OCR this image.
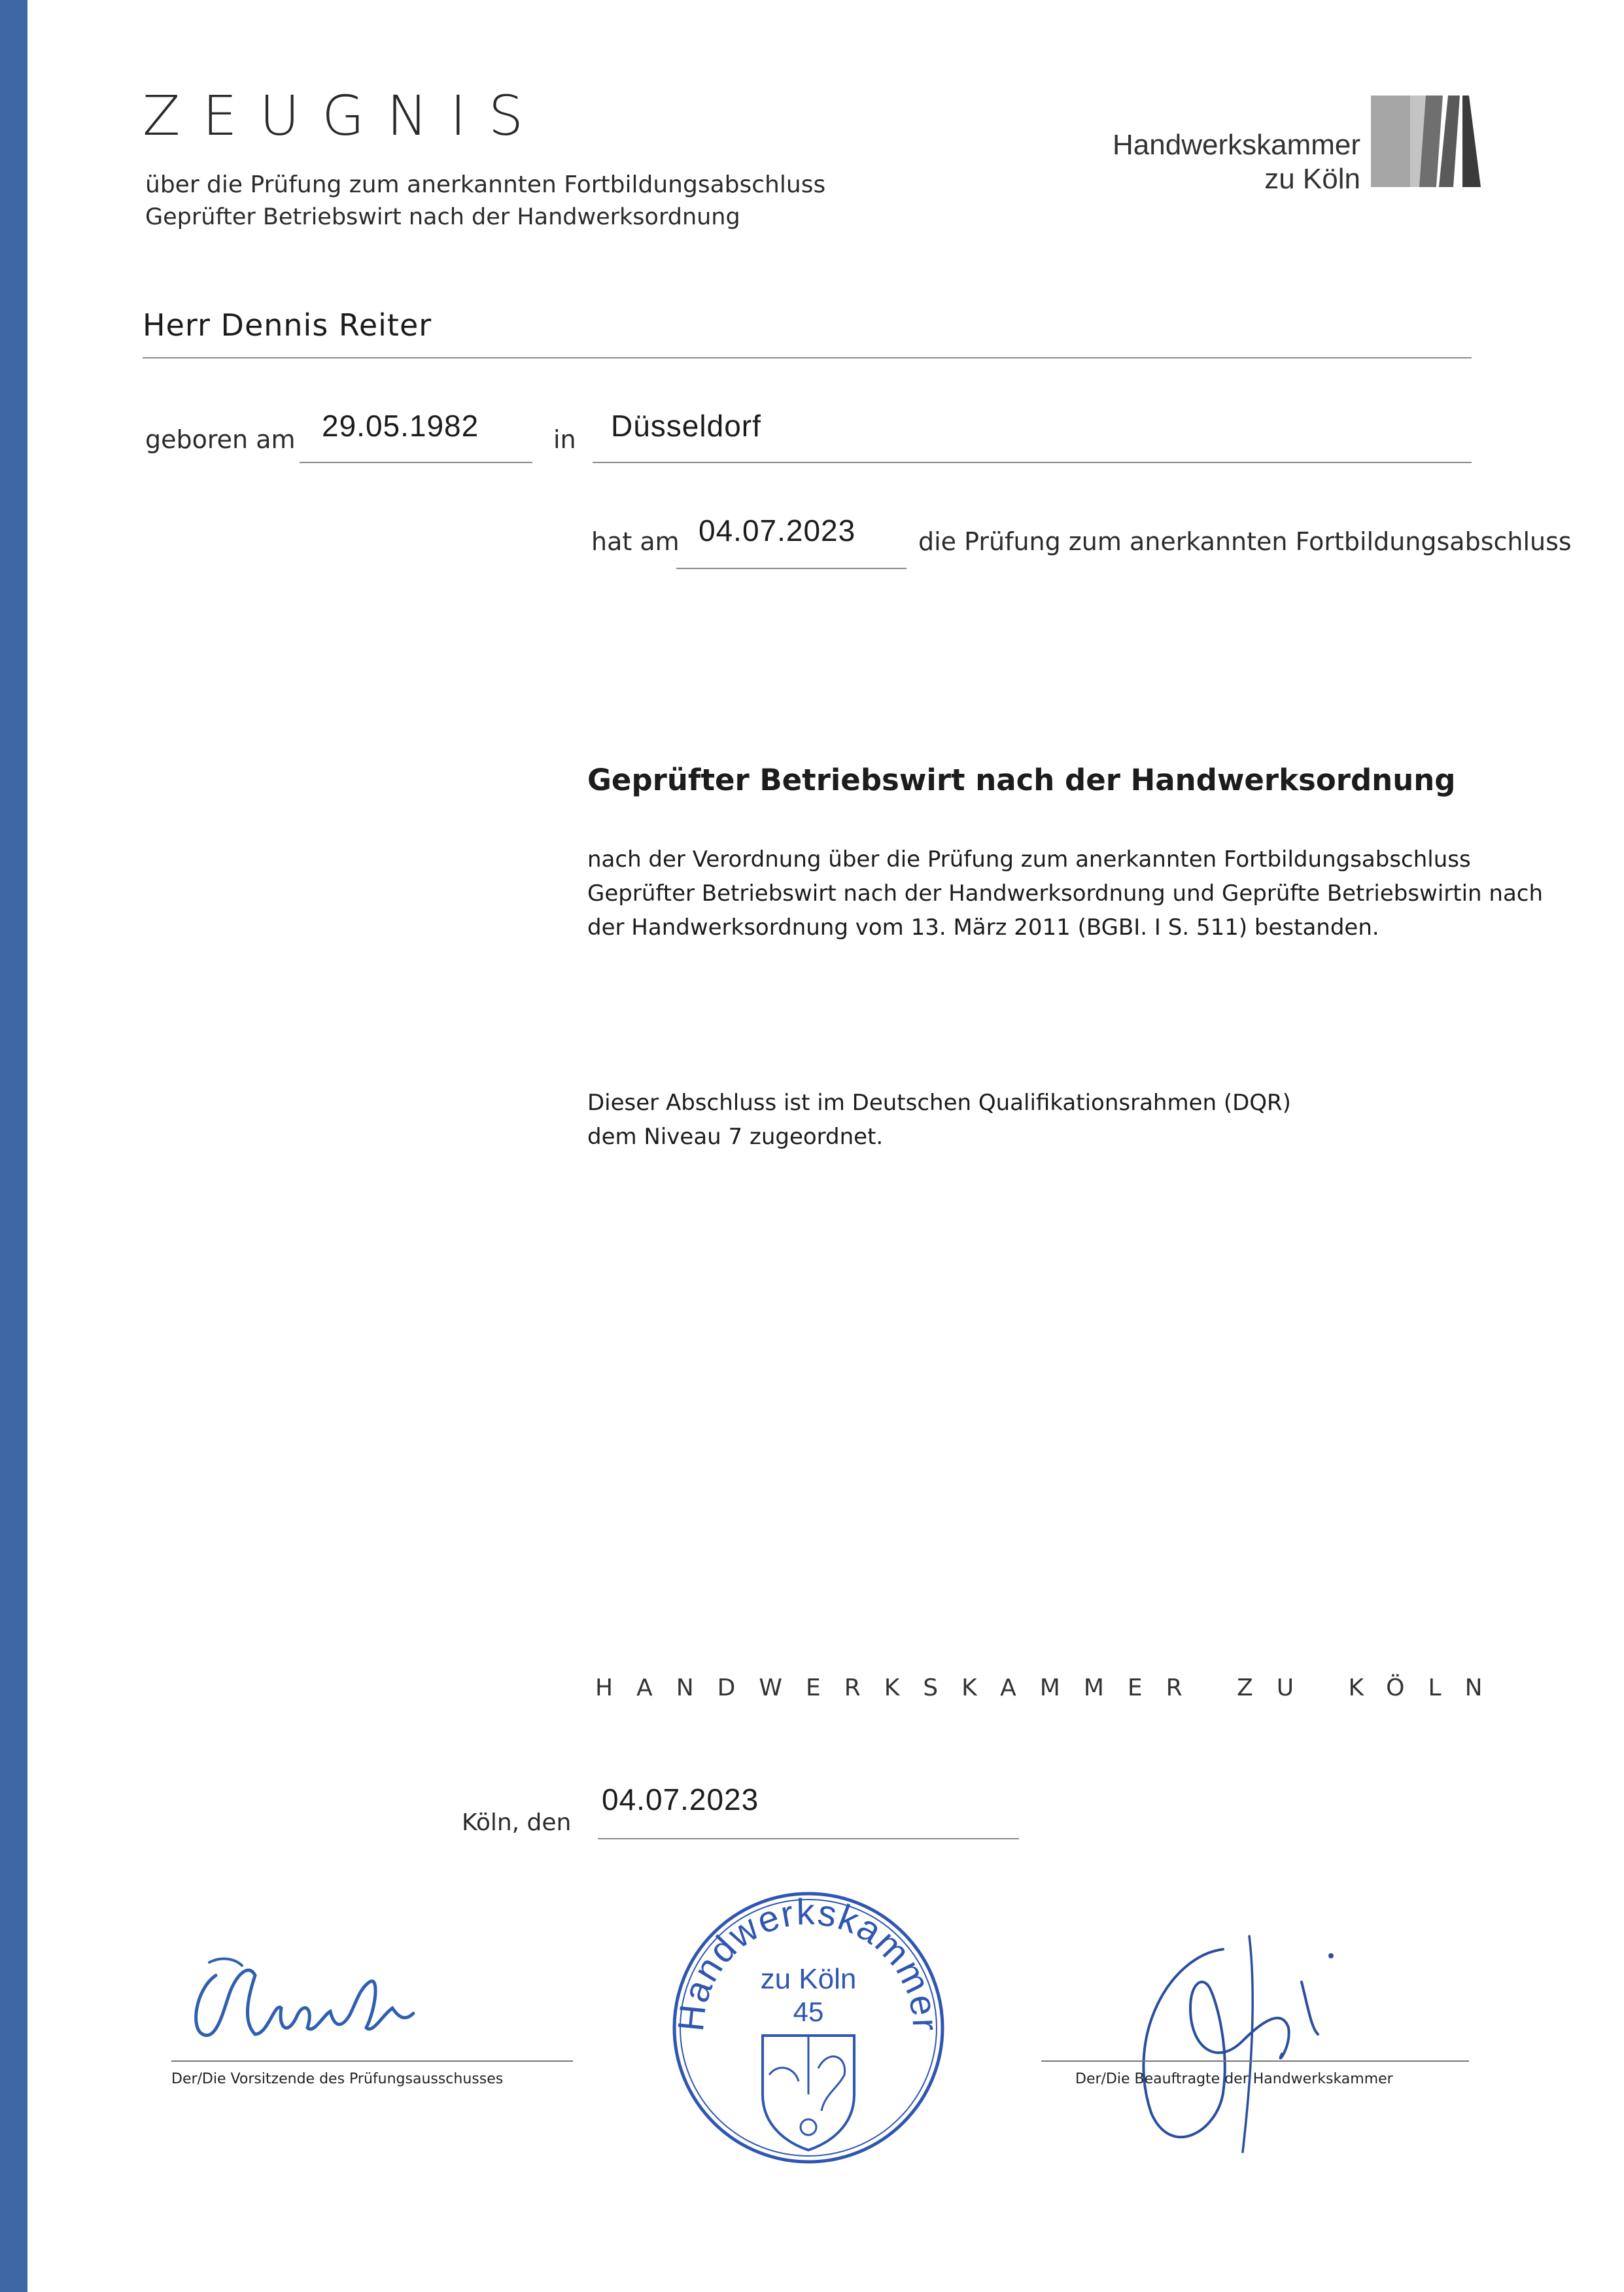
ZEUGNIS
über die Prüfung zum anerkannten Fortbildungsabschluss
Geprüfter Betriebswirt nach der Handwerksordnung
Handwerkskammer
zu Köln
Herr Dennis Reiter
geboren am 29.05.1982	in Düsseldorf
hat am 04.07.2023	die Prüfung zum anerkannten Fortbildungsabschluss
Geprüfter Betriebswirt nach der Handwerksordnung
nach der Verordnung über die Prüfung zum anerkannten Fortbildungsabschluss
Geprüfter Betriebswirt nach der Handwerksordnung und Geprüfte Betriebswirtin nach
der Handwerksordnung vom 13. März 2011 (BGBI. I S. 511) bestanden.
Dieser Abschluss ist im Deutschen Qualifikationsrahmen (DQR)
dem Niveau 7 zugeordnet.
HANDWERKSKAMMER ZU KÖLN
Köln, den
04.07.2023
Der/Die Vorsitzende des Prüfungsausschusses
Handwerkskammer
zu Köln
45
Der/Die Beauftragte der Handwerkskammer
